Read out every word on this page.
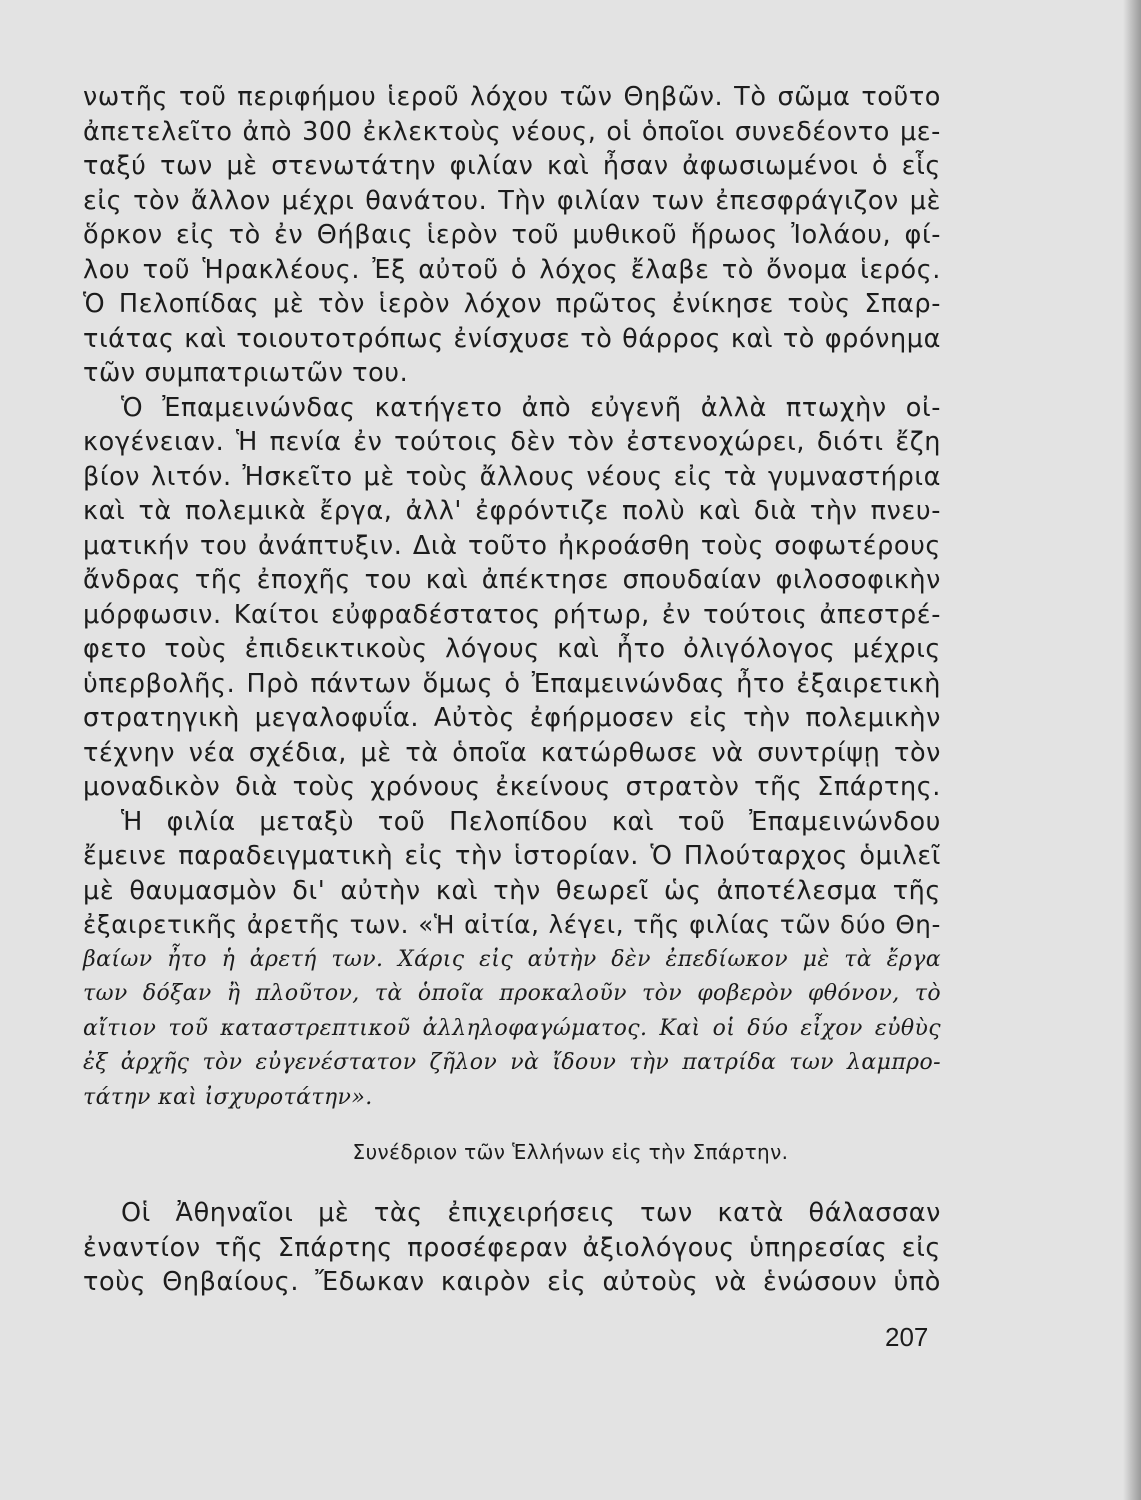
νωτῆς τοῦ περιφήμου ἱεροῦ λόχου τῶν Θηβῶν. Τὸ σῶμα τοῦτο
ἀπετελεῖτο ἀπὸ 300 ἐκλεκτοὺς νέους, οἱ ὁποῖοι συνεδέοντο με-
ταξύ των μὲ στενωτάτην φιλίαν καὶ ἦσαν ἀφωσιωμένοι ὁ εἷς
εἰς τὸν ἄλλον μέχρι θανάτου. Τὴν φιλίαν των ἐπεσφράγιζον μὲ
ὅρκον εἰς τὸ ἐν Θήβαις ἱερὸν τοῦ μυθικοῦ ἥρωος Ἰολάου, φί-
λου τοῦ Ἡρακλέους. Ἐξ αὐτοῦ ὁ λόχος ἔλαβε τὸ ὄνομα ἱερός.
Ὁ Πελοπίδας μὲ τὸν ἱερὸν λόχον πρῶτος ἐνίκησε τοὺς Σπαρ-
τιάτας καὶ τοιουτοτρόπως ἐνίσχυσε τὸ θάρρος καὶ τὸ φρόνημα
τῶν συμπατριωτῶν του.
Ὁ Ἐπαμεινώνδας κατήγετο ἀπὸ εὐγενῆ ἀλλὰ πτωχὴν οἰ-
κογένειαν. Ἡ πενία ἐν τούτοις δὲν τὸν ἐστενοχώρει, διότι ἔζη
βίον λιτόν. Ἠσκεῖτο μὲ τοὺς ἄλλους νέους εἰς τὰ γυμναστήρια
καὶ τὰ πολεμικὰ ἔργα, ἀλλ' ἐφρόντιζε πολὺ καὶ διὰ τὴν πνευ-
ματικήν του ἀνάπτυξιν. Διὰ τοῦτο ἠκροάσθη τοὺς σοφωτέρους
ἄνδρας τῆς ἐποχῆς του καὶ ἀπέκτησε σπουδαίαν φιλοσοφικὴν
μόρφωσιν. Καίτοι εὐφραδέστατος ρήτωρ, ἐν τούτοις ἀπεστρέ-
φετο τοὺς ἐπιδεικτικοὺς λόγους καὶ ἦτο ὀλιγόλογος μέχρις
ὑπερβολῆς. Πρὸ πάντων ὅμως ὁ Ἐπαμεινώνδας ἦτο ἐξαιρετικὴ
στρατηγικὴ μεγαλοφυΐα. Αὐτὸς ἐφήρμοσεν εἰς τὴν πολεμικὴν
τέχνην νέα σχέδια, μὲ τὰ ὁποῖα κατώρθωσε νὰ συντρίψῃ τὸν
μοναδικὸν διὰ τοὺς χρόνους ἐκείνους στρατὸν τῆς Σπάρτης.
Ἡ φιλία μεταξὺ τοῦ Πελοπίδου καὶ τοῦ Ἐπαμεινώνδου
ἔμεινε παραδειγματικὴ εἰς τὴν ἱστορίαν. Ὁ Πλούταρχος ὁμιλεῖ
μὲ θαυμασμὸν δι' αὐτὴν καὶ τὴν θεωρεῖ ὡς ἀποτέλεσμα τῆς
ἐξαιρετικῆς ἀρετῆς των. «Ἡ αἰτία, λέγει, τῆς φιλίας τῶν δύο Θη-
βαίων ἦτο ἡ ἀρετή των. Χάρις εἰς αὐτὴν δὲν ἐπεδίωκον μὲ τὰ ἔργα
των δόξαν ἢ πλοῦτον, τὰ ὁποῖα προκαλοῦν τὸν φοβερὸν φθόνον, τὸ
αἴτιον τοῦ καταστρεπτικοῦ ἀλληλοφαγώματος. Καὶ οἱ δύο εἶχον εὐθὺς
ἐξ ἀρχῆς τὸν εὐγενέστατον ζῆλον νὰ ἴδουν τὴν πατρίδα των λαμπρο-
τάτην καὶ ἰσχυροτάτην».
Συνέδριον τῶν Ἑλλήνων εἰς τὴν Σπάρτην.
Οἱ Ἀθηναῖοι μὲ τὰς ἐπιχειρήσεις των κατὰ θάλασσαν
ἐναντίον τῆς Σπάρτης προσέφεραν ἀξιολόγους ὑπηρεσίας εἰς
τοὺς Θηβαίους. Ἔδωκαν καιρὸν εἰς αὐτοὺς νὰ ἑνώσουν ὑπὸ
207
